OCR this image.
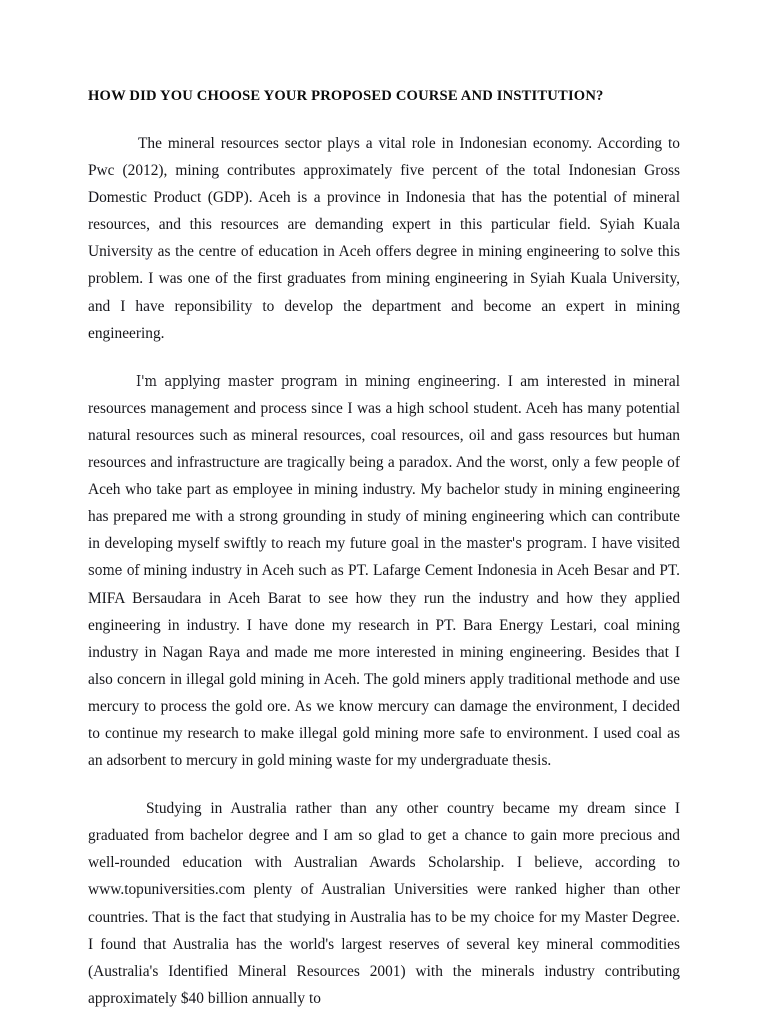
HOW DID YOU CHOOSE YOUR PROPOSED COURSE AND INSTITUTION?

The mineral resources sector plays a vital role in Indonesian economy. According to Pwc (2012), mining contributes approximately five percent of the total Indonesian Gross Domestic Product (GDP). Aceh is a province in Indonesia that has the potential of mineral resources, and this resources are demanding expert in this particular field. Syiah Kuala University as the centre of education in Aceh offers degree in mining engineering to solve this problem. I was one of the first graduates from mining engineering in Syiah Kuala University, and I have reponsibility to develop the department and become an expert in mining engineering.

I'm applying master program in mining engineering. I am interested in mineral resources management and process since I was a high school student. Aceh has many potential natural resources such as mineral resources, coal resources, oil and gass resources but human resources and infrastructure are tragically being a paradox. And the worst, only a few people of Aceh who take part as employee in mining industry. My bachelor study in mining engineering has prepared me with a strong grounding in study of mining engineering which can contribute in developing myself swiftly to reach my future goal in the master's program. I have visited some of mining industry in Aceh such as PT. Lafarge Cement Indonesia in Aceh Besar and PT. MIFA Bersaudara in Aceh Barat to see how they run the industry and how they applied engineering in industry. I have done my research in PT. Bara Energy Lestari, coal mining industry in Nagan Raya and made me more interested in mining engineering. Besides that I also concern in illegal gold mining in Aceh. The gold miners apply traditional methode and use mercury to process the gold ore. As we know mercury can damage the environment, I decided to continue my research to make illegal gold mining more safe to environment. I used coal as an adsorbent to mercury in gold mining waste for my undergraduate thesis.

Studying in Australia rather than any other country became my dream since I graduated from bachelor degree and I am so glad to get a chance to gain more precious and well-rounded education with Australian Awards Scholarship. I believe, according to www.topuniversities.com plenty of Australian Universities were ranked higher than other countries. That is the fact that studying in Australia has to be my choice for my Master Degree. I found that Australia has the world's largest reserves of several key mineral commodities (Australia's Identified Mineral Resources 2001) with the minerals industry contributing approximately $40 billion annually to
